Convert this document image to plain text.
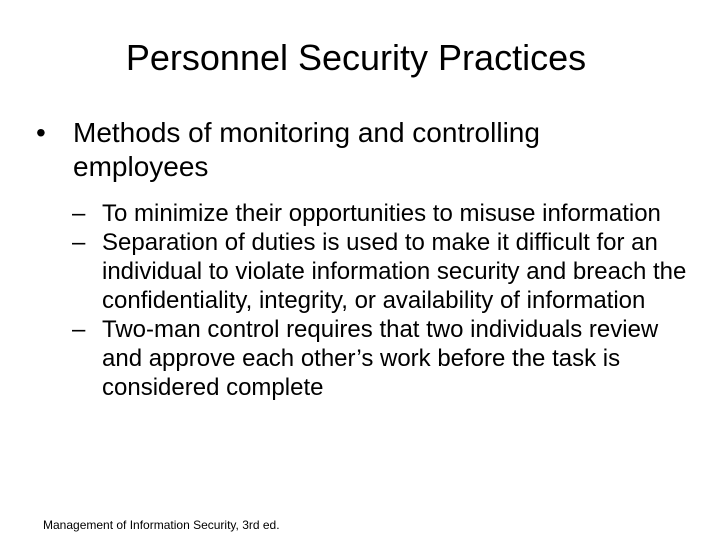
Personnel Security Practices
• Methods of monitoring and controlling employees
– To minimize their opportunities to misuse information
– Separation of duties is used to make it difficult for an individual to violate information security and breach the confidentiality, integrity, or availability of information
– Two-man control requires that two individuals review and approve each other’s work before the task is considered complete
Management of Information Security, 3rd ed.
